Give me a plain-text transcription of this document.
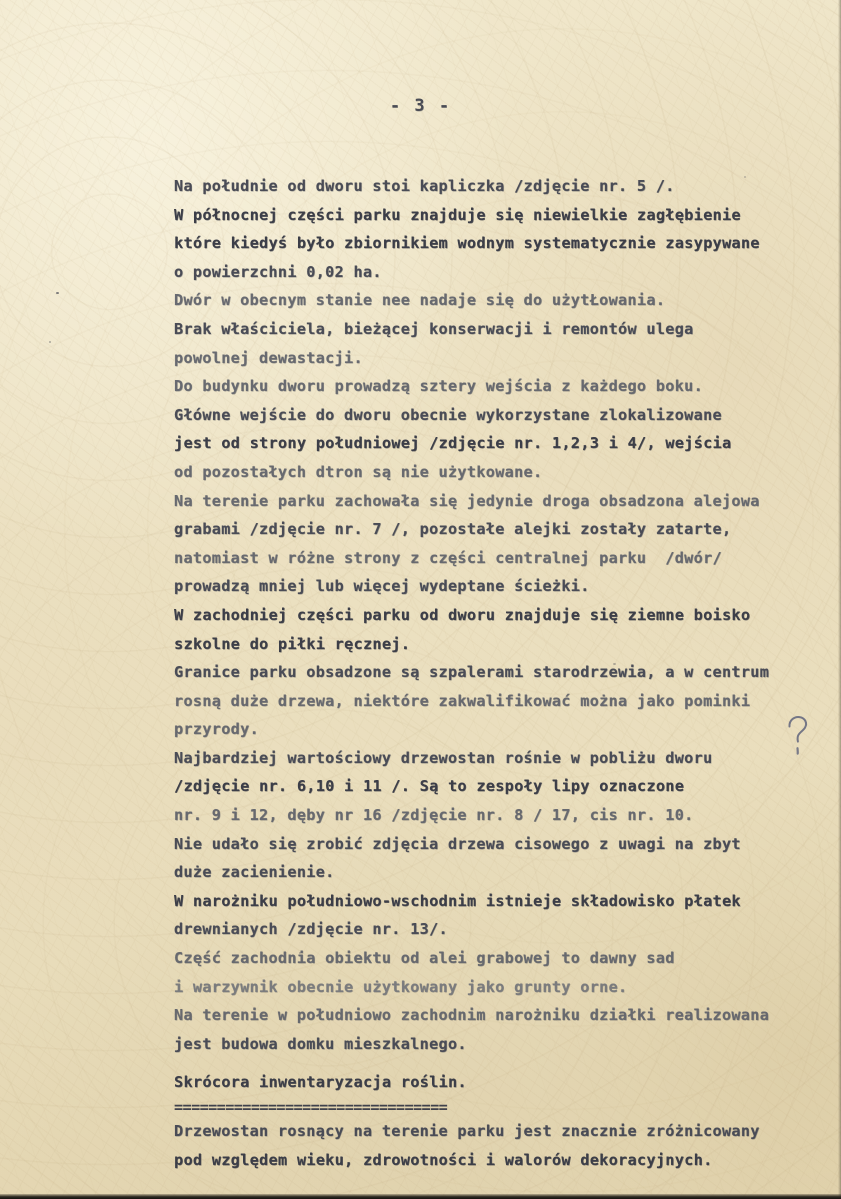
- 3 -
Na południe od dworu stoi kapliczka /zdjęcie nr. 5 /.
W północnej części parku znajduje się niewielkie zagłębienie
które kiedyś było zbiornikiem wodnym systematycznie zasypywane
o powierzchni 0,02 ha.
Dwór w obecnym stanie nee nadaje się do użytŁowania.
Brak właściciela, bieżącej konserwacji i remontów ulega
powolnej dewastacji.
Do budynku dworu prowadzą sztery wejścia z każdego boku.
Główne wejście do dworu obecnie wykorzystane zlokalizowane
jest od strony południowej /zdjęcie nr. 1,2,3 i 4/, wejścia
od pozostałych dtron są nie użytkowane.
Na terenie parku zachowała się jedynie droga obsadzona alejowa
grabami /zdjęcie nr. 7 /, pozostałe alejki zostały zatarte,
natomiast w różne strony z części centralnej parku  /dwór/
prowadzą mniej lub więcej wydeptane ścieżki.
W zachodniej części parku od dworu znajduje się ziemne boisko
szkolne do piłki ręcznej.
Granice parku obsadzone są szpalerami starodrzewia, a w centrum
rosną duże drzewa, niektóre zakwalifikować można jako pominki
przyrody.
Najbardziej wartościowy drzewostan rośnie w pobliżu dworu
/zdjęcie nr. 6,10 i 11 /. Są to zespoły lipy oznaczone
nr. 9 i 12, dęby nr 16 /zdjęcie nr. 8 / 17, cis nr. 10.
Nie udało się zrobić zdjęcia drzewa cisowego z uwagi na zbyt
duże zacienienie.
W narożniku południowo-wschodnim istnieje składowisko płatek
drewnianych /zdjęcie nr. 13/.
Część zachodnia obiektu od alei grabowej to dawny sad
i warzywnik obecnie użytkowany jako grunty orne.
Na terenie w południowo zachodnim narożniku działki realizowana
jest budowa domku mieszkalnego.
Skrócora inwentaryzacja roślin.
================================
Drzewostan rosnący na terenie parku jest znacznie zróżnicowany
pod względem wieku, zdrowotności i walorów dekoracyjnych.
